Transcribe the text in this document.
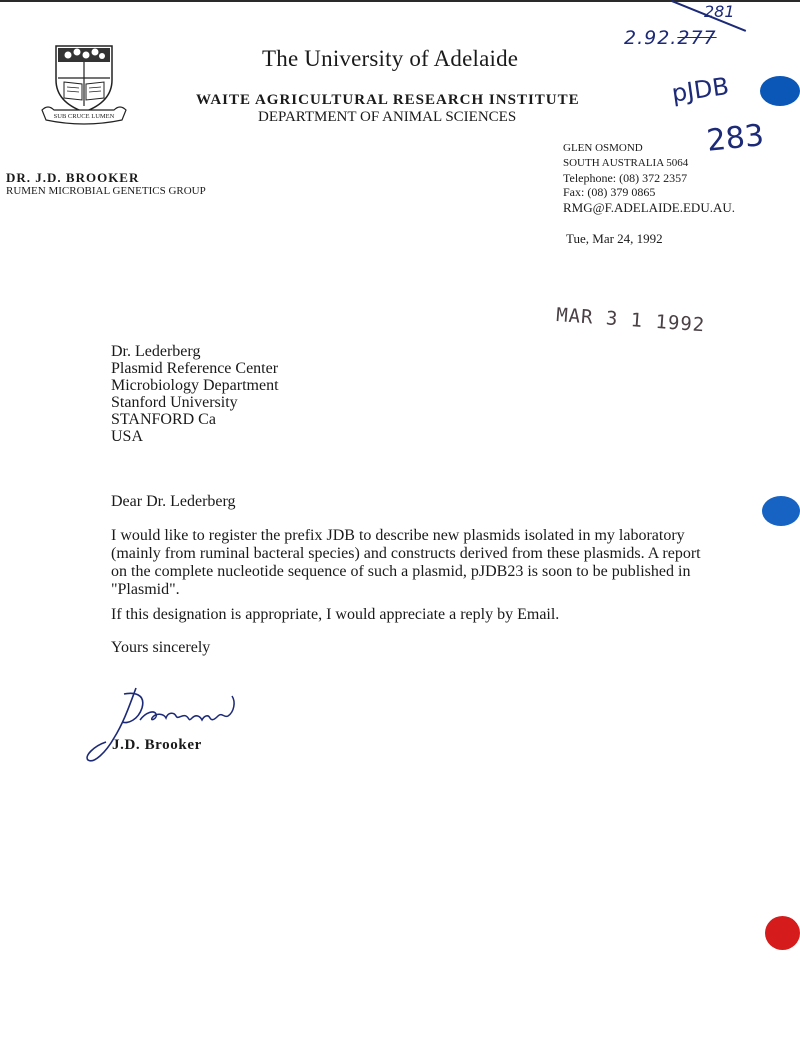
SUB CRUCE LUMEN
The University of Adelaide
WAITE AGRICULTURAL RESEARCH INSTITUTE
DEPARTMENT OF ANIMAL SCIENCES
DR. J.D. BROOKER
RUMEN MICROBIAL GENETICS GROUP
GLEN OSMOND
SOUTH AUSTRALIA 5064
Telephone: (08) 372 2357
Fax: (08) 379 0865
RMG@F.ADELAIDE.EDU.AU.
Tue, Mar 24, 1992
281
2.92.277
pJDB
283
MAR 3 1 1992
Dr. Lederberg
Plasmid Reference Center
Microbiology Department
Stanford University
STANFORD Ca
USA
Dear Dr. Lederberg
I would like to register the prefix JDB to describe new plasmids isolated in my laboratory
(mainly from ruminal bacteral species) and constructs derived from these plasmids. A report
on the complete nucleotide sequence of such a plasmid, pJDB23 is soon to be published in
"Plasmid".
If this designation is appropriate, I would appreciate a reply by Email.
Yours sincerely
J.D. Brooker
